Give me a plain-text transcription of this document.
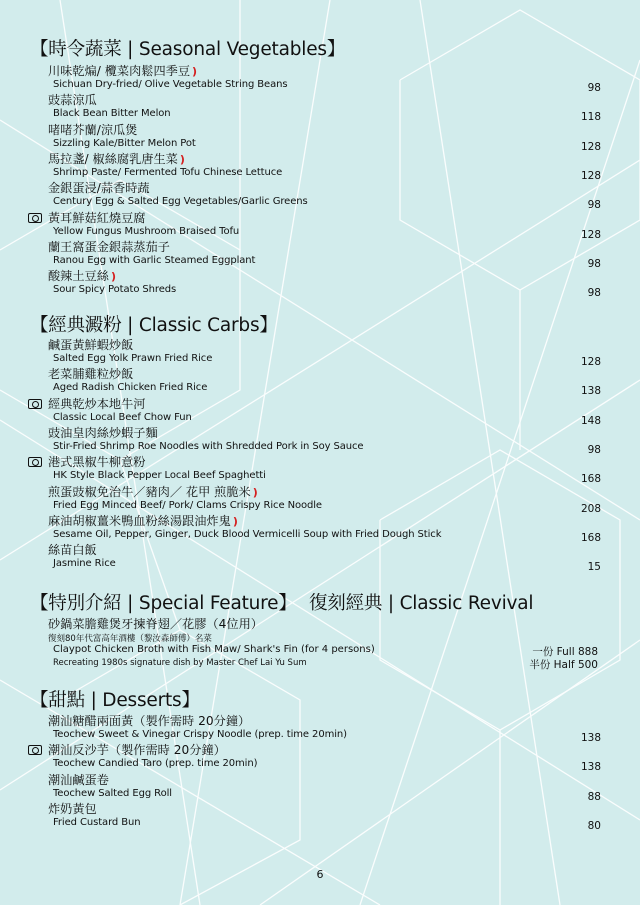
【時令蔬菜 | Seasonal Vegetables】
川味乾煸/ 欖菜肉鬆四季豆 )
Sichuan Dry-fried/ Olive Vegetable String Beans	98
豉蒜涼瓜
Black Bean Bitter Melon	118
啫啫芥蘭/涼瓜煲
Sizzling Kale/Bitter Melon Pot	128
馬拉盞/ 椒絲腐乳唐生菜 )
Shrimp Paste/ Fermented Tofu Chinese Lettuce	128
金銀蛋浸/蒜香時蔬
Century Egg & Salted Egg Vegetables/Garlic Greens	98
黃耳鮮菇紅燒豆腐
Yellow Fungus Mushroom Braised Tofu	128
蘭王窩蛋金銀蒜蒸茄子
Ranou Egg with Garlic Steamed Eggplant	98
酸辣土豆絲 )
Sour Spicy Potato Shreds	98
【經典澱粉 | Classic Carbs】
鹹蛋黃鮮蝦炒飯
Salted Egg Yolk Prawn Fried Rice	128
老菜脯雞粒炒飯
Aged Radish Chicken Fried Rice	138
經典乾炒本地牛河
Classic Local Beef Chow Fun	148
豉油皇肉絲炒蝦子麵
Stir-Fried Shrimp Roe Noodles with Shredded Pork in Soy Sauce	98
港式黑椒牛柳意粉
HK Style Black Pepper Local Beef Spaghetti	168
煎蛋豉椒免治牛／豬肉／ 花甲 煎脆米 )
Fried Egg Minced Beef/ Pork/ Clams Crispy Rice Noodle	208
麻油胡椒薑米鴨血粉絲湯跟油炸鬼 )
Sesame Oil, Pepper, Ginger, Duck Blood Vermicelli Soup with Fried Dough Stick	168
絲苗白飯
Jasmine Rice	15
【特別介紹 | Special Feature】 復刻經典 | Classic Revival
砂鍋菜膽雞煲牙揀脊翅／花膠（4位用）
復刻80年代富高年酒樓（黎汝森師傅）名菜
Claypot Chicken Broth with Fish Maw/ Shark's Fin (for 4 persons)
Recreating 1980s signature dish by Master Chef Lai Yu Sum
一份 Full 888
半份 Half 500
【甜點 | Desserts】
潮汕糖醋兩面黃（製作需時 20分鐘）
Teochew Sweet & Vinegar Crispy Noodle (prep. time 20min)	138
潮汕反沙芋（製作需時 20分鐘）
Teochew Candied Taro (prep. time 20min)	138
潮汕鹹蛋卷
Teochew Salted Egg Roll	88
炸奶黃包
Fried Custard Bun	80
6
